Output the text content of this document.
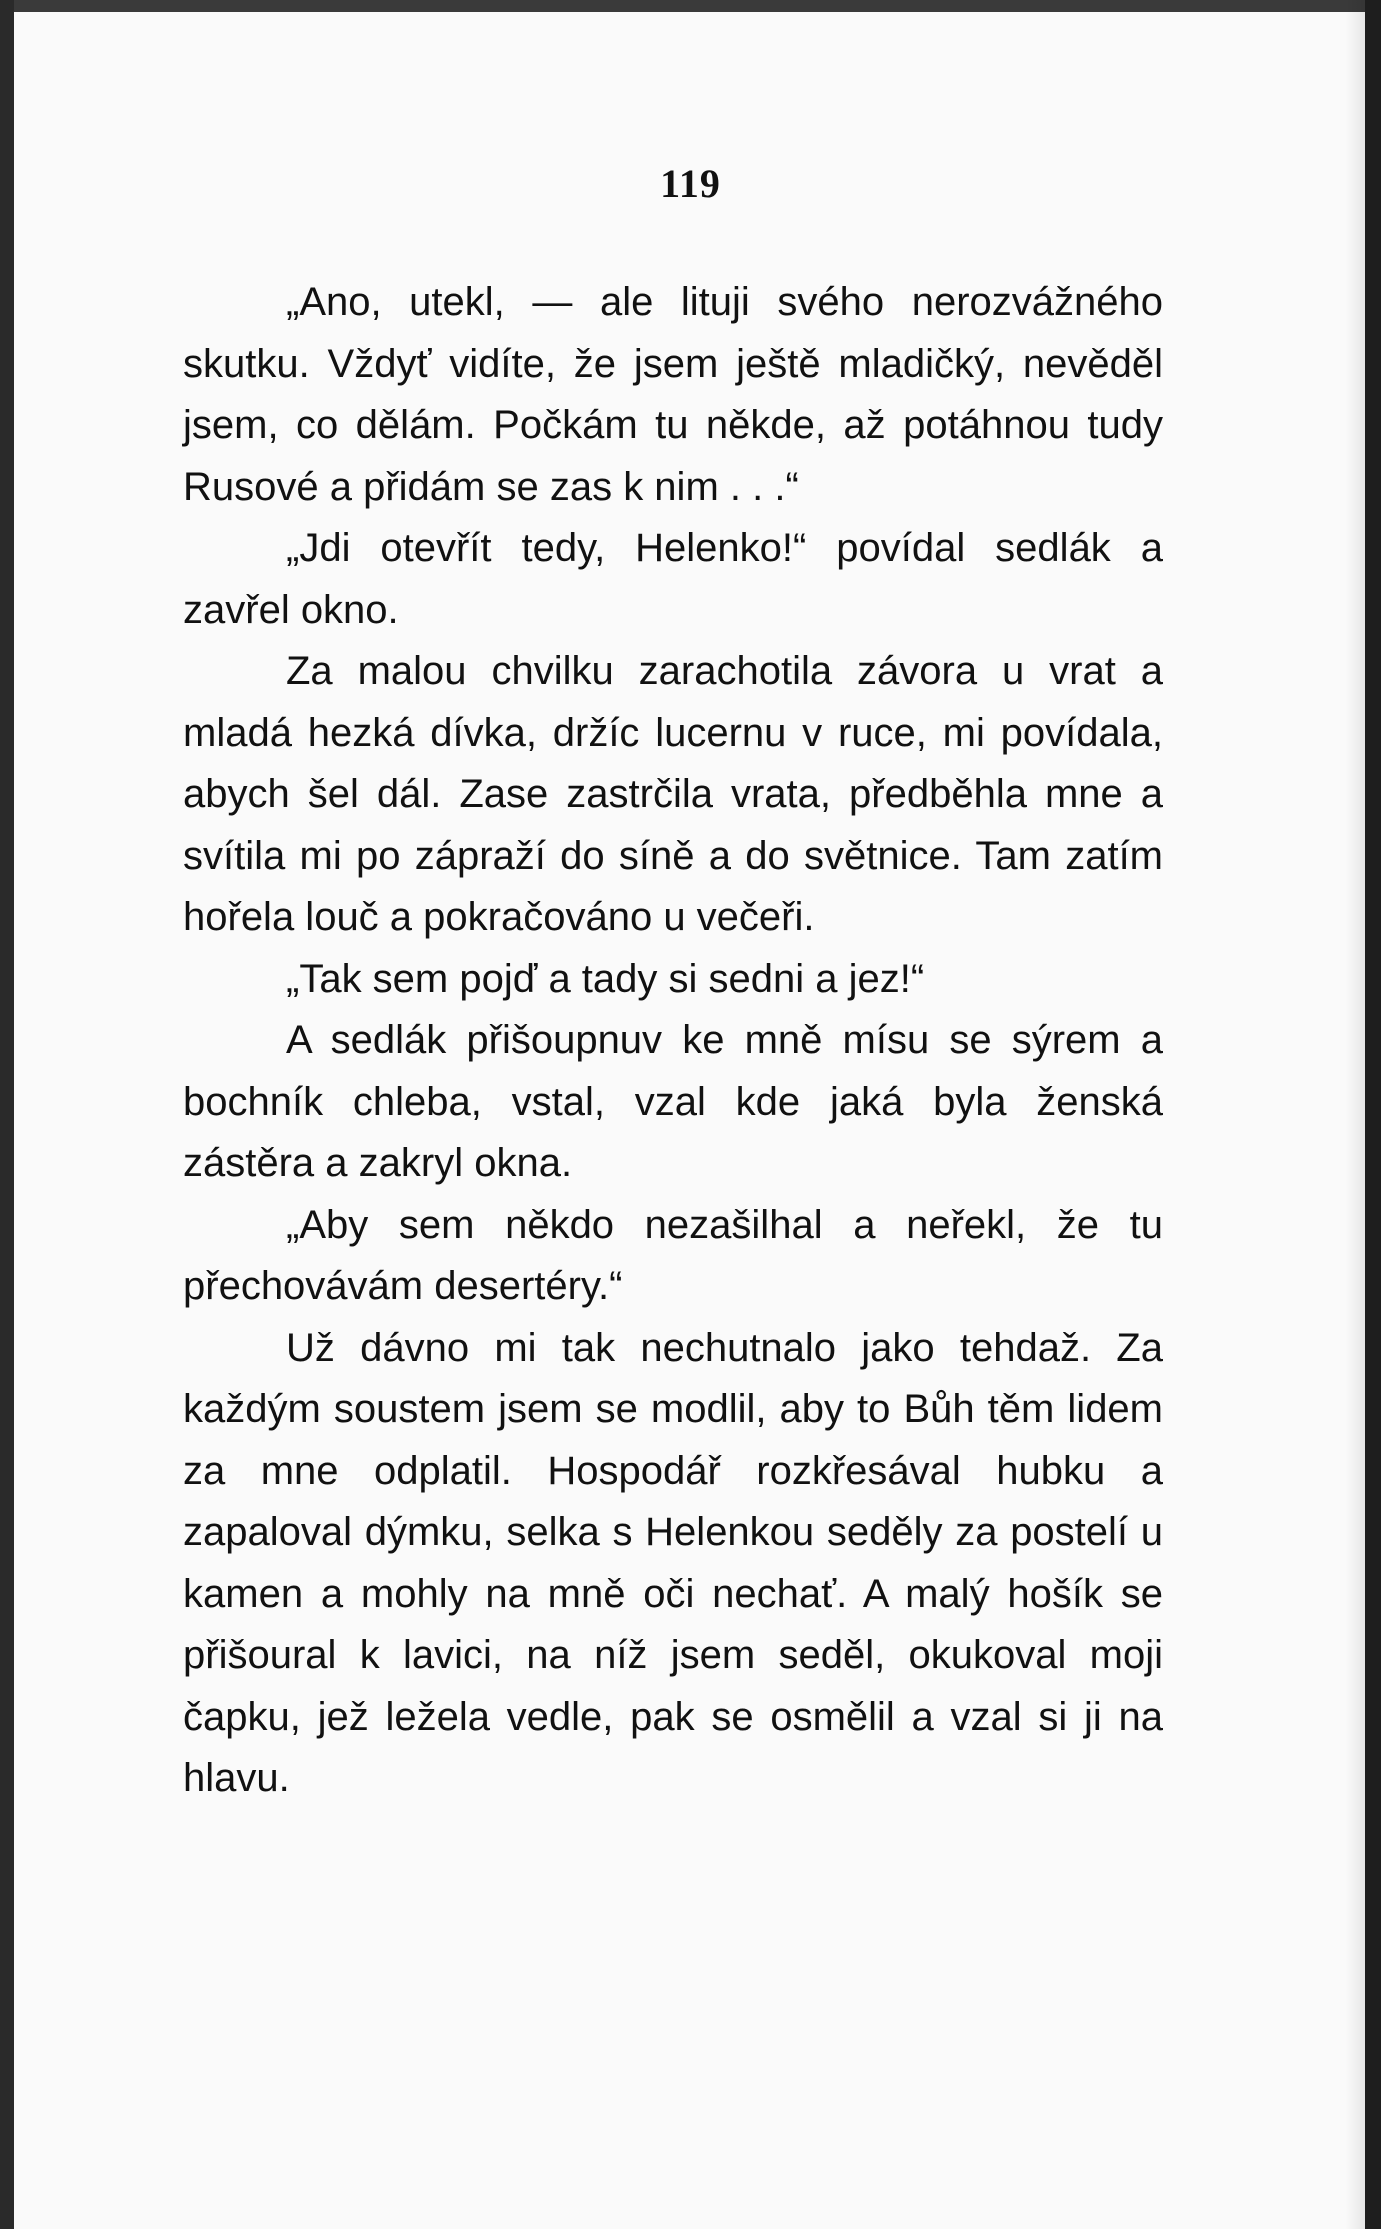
119

„Ano, utekl, — ale lituji svého nerozvážného skutku. Vždyť vidíte, že jsem ještě mladičký, nevěděl jsem, co dělám. Počkám tu někde, až potáhnou tudy Rusové a přidám se zas k nim . . .“

„Jdi otevřít tedy, Helenko!“ povídal sedlák a zavřel okno.

Za malou chvilku zarachotila závora u vrat a mladá hezká dívka, držíc lucernu v ruce, mi povídala, abych šel dál. Zase zastrčila vrata, předběhla mne a svítila mi po zápraží do síně a do světnice. Tam zatím hořela louč a pokračováno u večeři.

„Tak sem pojď a tady si sedni a jez!“

A sedlák přišoupnuv ke mně mísu se sýrem a bochník chleba, vstal, vzal kde jaká byla ženská zástěra a zakryl okna.

„Aby sem někdo nezašilhal a neřekl, že tu přechovávám desertéry.“

Už dávno mi tak nechutnalo jako tehdaž. Za každým soustem jsem se modlil, aby to Bůh těm lidem za mne odplatil. Hospodář rozkřesával hubku a zapaloval dýmku, selka s Helenkou seděly za postelí u kamen a mohly na mně oči nechať. A malý hošík se přišoural k lavici, na níž jsem seděl, okukoval moji čapku, jež ležela vedle, pak se osmělil a vzal si ji na hlavu.
